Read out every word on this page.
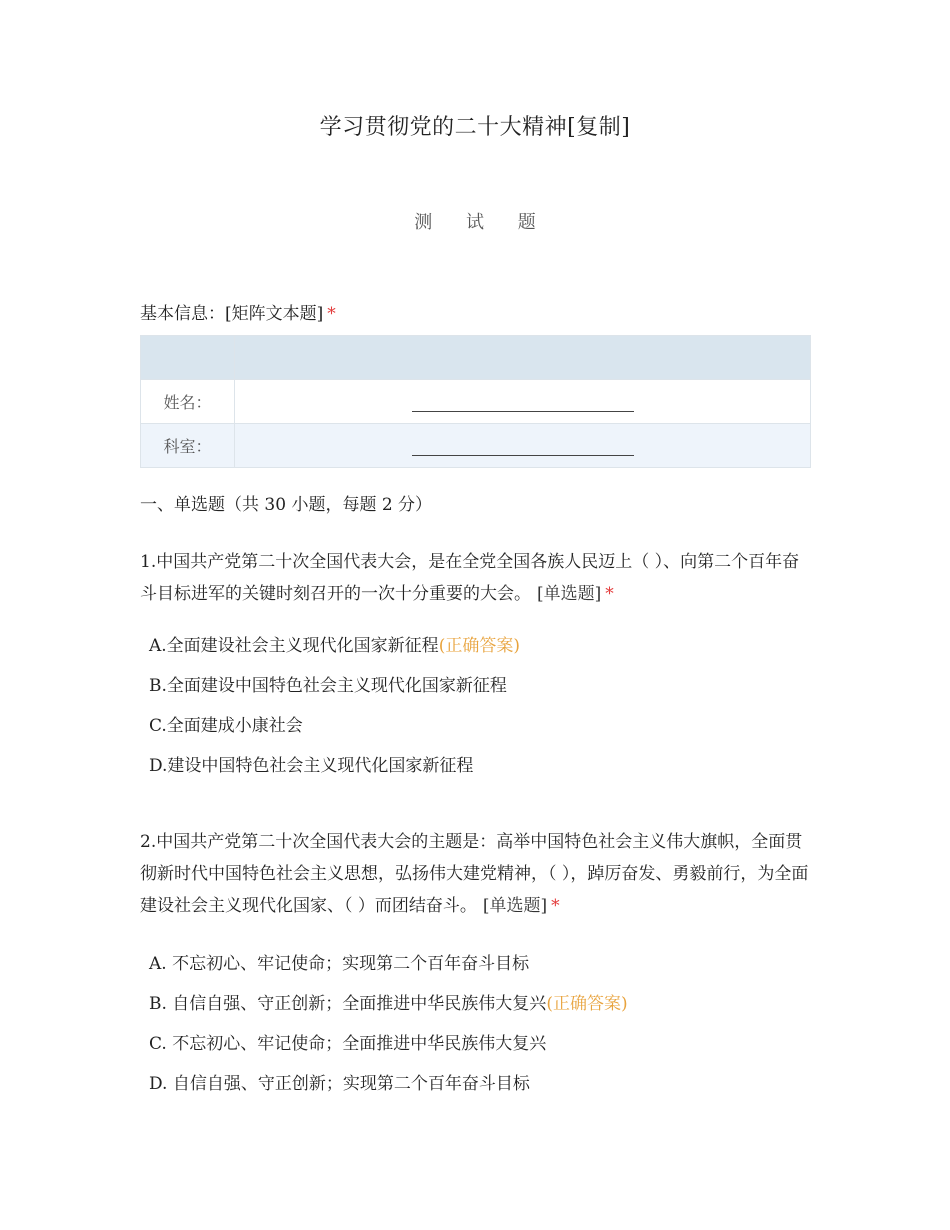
学习贯彻党的二十大精神[复制]
测 试 题
基本信息：[矩阵文本题] *

姓名：	
科室：	
一、单选题（共 30 小题，每题 2 分）
1.中国共产党第二十次全国代表大会，是在全党全国各族人民迈上（ ）、向第二个百年奋斗目标进军的关键时刻召开的一次十分重要的大会。 [单选题] *
A.全面建设社会主义现代化国家新征程(正确答案)
B.全面建设中国特色社会主义现代化国家新征程
C.全面建成小康社会
D.建设中国特色社会主义现代化国家新征程
2.中国共产党第二十次全国代表大会的主题是：高举中国特色社会主义伟大旗帜，全面贯彻新时代中国特色社会主义思想，弘扬伟大建党精神，（ ），踔厉奋发、勇毅前行，为全面建设社会主义现代化国家、（ ）而团结奋斗。 [单选题] *
A. 不忘初心、牢记使命；实现第二个百年奋斗目标
B. 自信自强、守正创新；全面推进中华民族伟大复兴(正确答案)
C. 不忘初心、牢记使命；全面推进中华民族伟大复兴
D. 自信自强、守正创新；实现第二个百年奋斗目标
